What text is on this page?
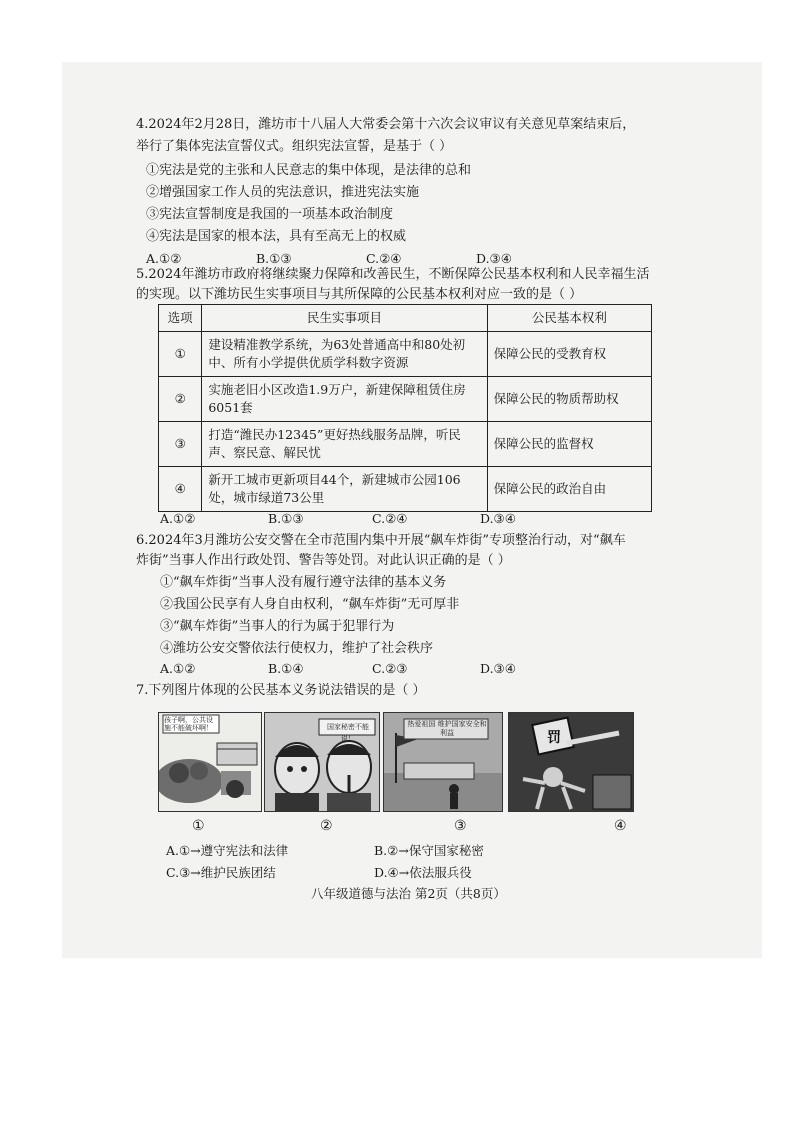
4.2024年2月28日，潍坊市十八届人大常委会第十六次会议审议有关意见草案结束后，
举行了集体宪法宣誓仪式。组织宪法宣誓，是基于（ ）
①宪法是党的主张和人民意志的集中体现，是法律的总和
②增强国家工作人员的宪法意识，推进宪法实施
③宪法宣誓制度是我国的一项基本政治制度
④宪法是国家的根本法，具有至高无上的权威
A.①②	B.①③	C.②④	D.③④
5.2024年潍坊市政府将继续聚力保障和改善民生，不断保障公民基本权利和人民幸福生活
的实现。以下潍坊民生实事项目与其所保障的公民基本权利对应一致的是（ ）
选项	民生实事项目	公民基本权利
①	建设精准教学系统，为63处普通高中和80处初中、所有小学提供优质学科数字资源	保障公民的受教育权
②	实施老旧小区改造1.9万户，新建保障租赁住房6051套	保障公民的物质帮助权
③	打造“潍民办12345”更好热线服务品牌，听民声、察民意、解民忧	保障公民的监督权
④	新开工城市更新项目44个，新建城市公园106处，城市绿道73公里	保障公民的政治自由
A.①②	B.①③	C.②④	D.③④
6.2024年3月潍坊公安交警在全市范围内集中开展“飙车炸街”专项整治行动，对“飙车
炸街”当事人作出行政处罚、警告等处罚。对此认识正确的是（ ）
①“飙车炸街”当事人没有履行遵守法律的基本义务
②我国公民享有人身自由权利，“飙车炸街”无可厚非
③“飙车炸街”当事人的行为属于犯罪行为
④潍坊公安交警依法行使权力，维护了社会秩序
A.①②	B.①④	C.②③	D.③④
7.下列图片体现的公民基本义务说法错误的是（ ）
孩子啊，公共设施不能破坏啊！	国家秘密不能说！
热爱祖国 维护国家安全和利益	罚
①	②	③	④
A.①→遵守宪法和法律	B.②→保守国家秘密
C.③→维护民族团结	D.④→依法服兵役
八年级道德与法治 第2页（共8页）
